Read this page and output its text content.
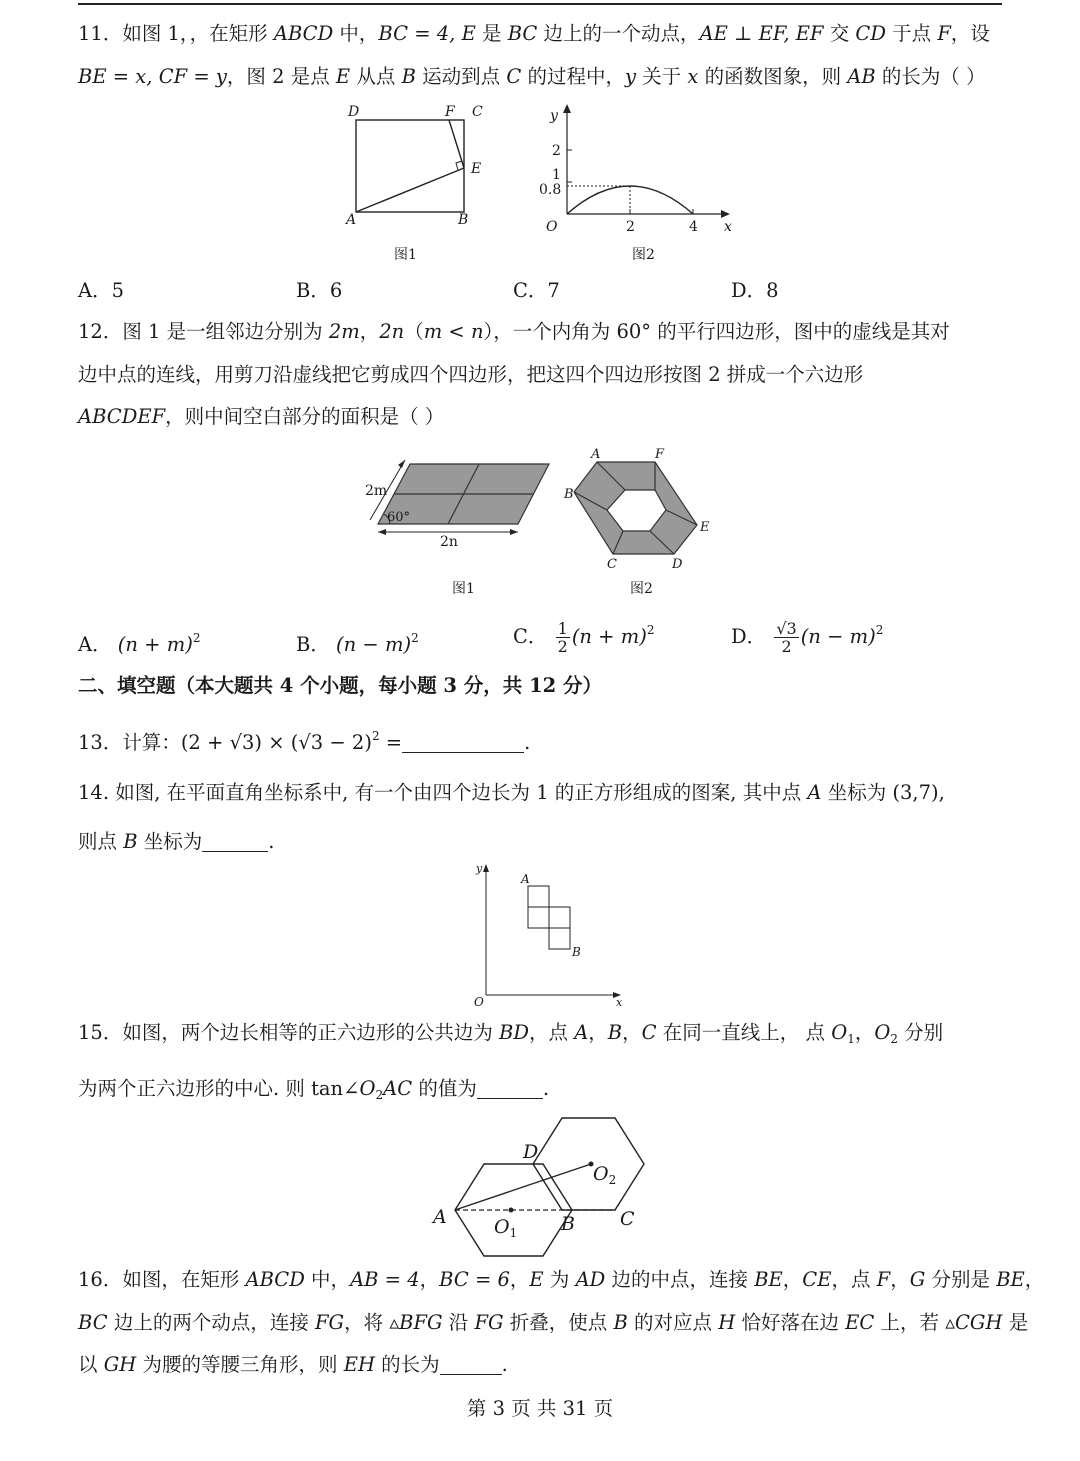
11．如图 1，，在矩形 ABCD 中，BC = 4, E 是 BC 边上的一个动点，AE ⊥ EF, EF 交 CD 于点 F，设
BE = x, CF = y，图 2 是点 E 从点 B 运动到点 C 的过程中，y 关于 x 的函数图象，则 AB 的长为（ ）
D	F C
E
A	B
图1
y
2
1
0.8
O	2	4 x
图2
A．5	B．6	C．7	D．8
12．图 1 是一组邻边分别为 2m，2n（m < n），一个内角为 60° 的平行四边形，图中的虚线是其对
边中点的连线，用剪刀沿虚线把它剪成四个四边形，把这四个四边形按图 2 拼成一个六边形
ABCDEF，则中间空白部分的面积是（ ）
2m
60°
2n
图1
A	F
B
E
C	D
图2
A． $(n + m)^2$	B． $(n - m)^2$	C． $\frac{1}{2} (n + m)^2$	D． $\frac{√3}{2} (n - m)^2$
二、填空题（本大题共 4 个小题，每小题 3 分，共 12 分）
13．计算：$(2 + √3) \times (√3 - 2)^2$ =	.
14. 如图, 在平面直角坐标系中, 有一个由四个边长为 1 的正方形组成的图案, 其中点 A 坐标为 (3,7),
则点 B 坐标为	.
y
A
B
O	x
15．如图，两个边长相等的正六边形的公共边为 BD，点 A，B，C 在同一直线上， 点 $O_1$，$O_2$ 分别
为两个正六边形的中心. 则 $\tan\angle O_2AC$ 的值为	.
D
$O_2$
A $O_1$ B C
16．如图，在矩形 ABCD 中，AB = 4，BC = 6，E 为 AD 边的中点，连接 BE，CE，点 F，G 分别是 BE，
BC 边上的两个动点，连接 FG，将 ▵BFG 沿 FG 折叠，使点 B 的对应点 H 恰好落在边 EC 上，若 ▵CGH 是
以 GH 为腰的等腰三角形，则 EH 的长为	.
第 3 页 共 31 页
